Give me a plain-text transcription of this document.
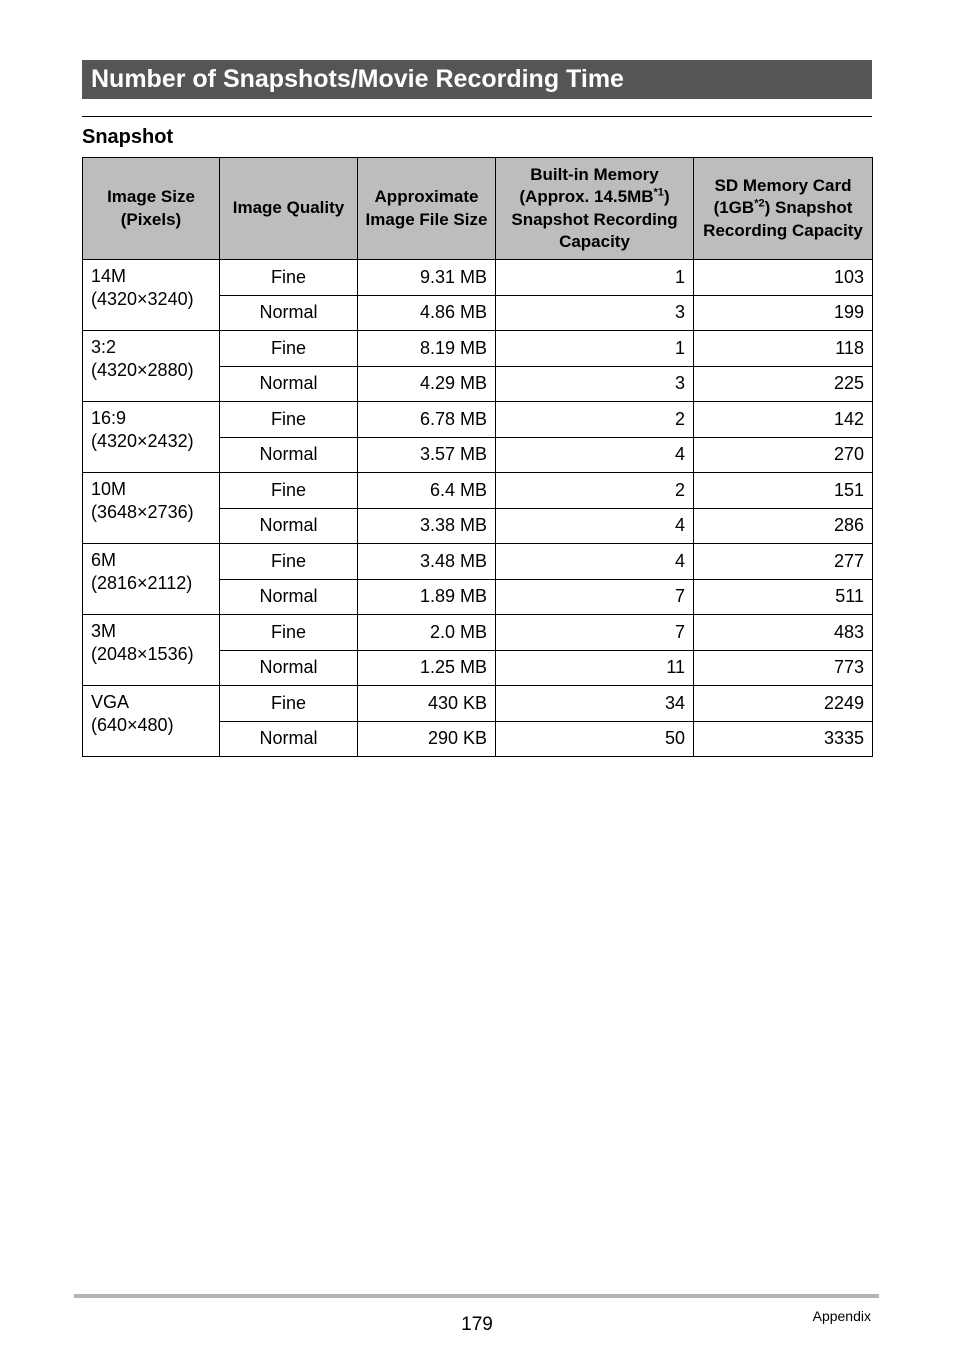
Number of Snapshots/Movie Recording Time
Snapshot
Image Size (Pixels)	Image Quality	Approximate Image File Size	Built-in Memory (Approx. 14.5MB$^{*1}$) Snapshot Recording Capacity	SD Memory Card (1GB$^{*2}$) Snapshot Recording Capacity

14M
(4320×3240)	Fine	9.31 MB	1	103
	Normal	4.86 MB	3	199

3:2
(4320×2880)	Fine	8.19 MB	1	118
	Normal	4.29 MB	3	225

16:9
(4320×2432)	Fine	6.78 MB	2	142
	Normal	3.57 MB	4	270

10M
(3648×2736)	Fine	6.4 MB	2	151
	Normal	3.38 MB	4	286

6M
(2816×2112)	Fine	3.48 MB	4	277
	Normal	1.89 MB	7	511

3M
(2048×1536)	Fine	2.0 MB	7	483
	Normal	1.25 MB	11	773

VGA
(640×480)	Fine	430 KB	34	2249
	Normal	290 KB	50	3335
179	Appendix
